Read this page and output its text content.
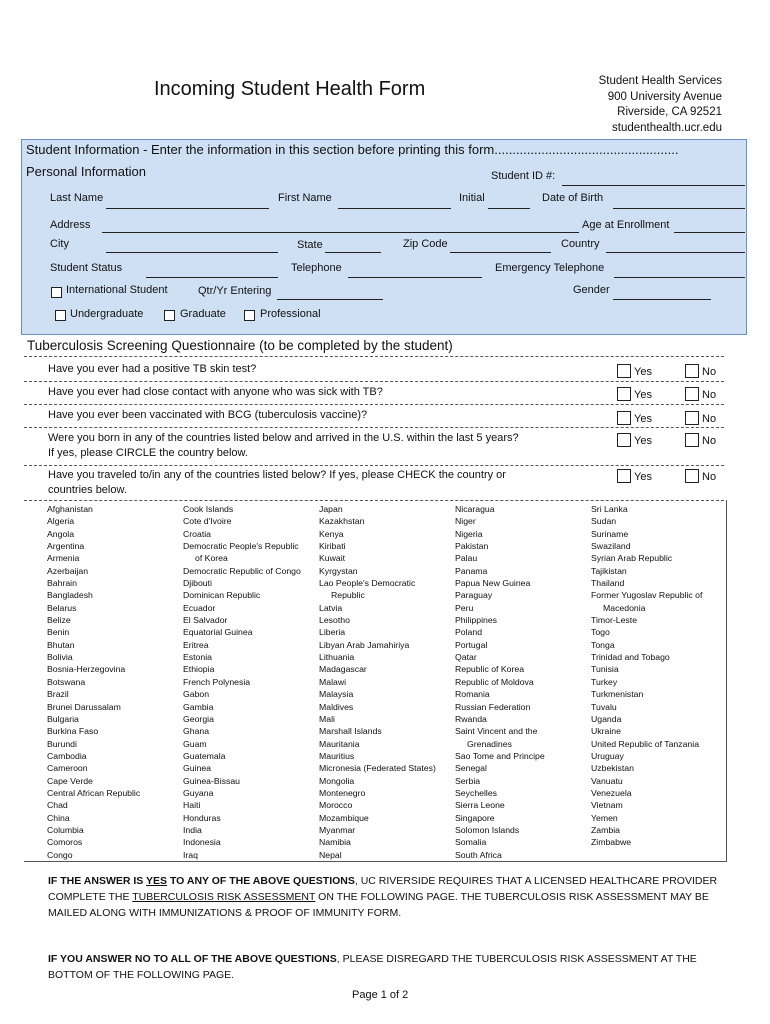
Incoming Student Health Form	Student Health Services
900 University Avenue
Riverside, CA 92521
studenthealth.ucr.edu
Student Information - Enter the information in this section before printing this form...................................................
Personal Information	Student ID #:
Last Name	First Name	Initial	Date of Birth
Address	Age at Enrollment
City	State	Zip Code	Country
Student Status	Telephone	Emergency Telephone
International Student	Qtr/Yr Entering	Gender
Undergraduate	Graduate	Professional
Tuberculosis Screening Questionnaire (to be completed by the student)
Have you ever had a positive TB skin test?	Yes	No
Have you ever had close contact with anyone who was sick with TB?	Yes	No
Have you ever been vaccinated with BCG (tuberculosis vaccine)?	Yes	No
Were you born in any of the countries listed below and arrived in the U.S. within the last 5 years?
If yes, please CIRCLE the country below.
Yes	No
Have you traveled to/in any of the countries listed below? If yes, please CHECK the country or
countries below.
Yes	No
Afghanistan
Algeria
Angola
Argentina
Armenia
Azerbaijan
Bahrain
Bangladesh
Belarus
Belize
Benin
Bhutan
Bolivia
Bosnia-Herzegovina
Botswana
Brazil
Brunei Darussalam
Bulgaria
Burkina Faso
Burundi
Cambodia
Cameroon
Cape Verde
Central African Republic
Chad
China
Columbia
Comoros
Congo
Cook Islands
Cote d'Ivoire
Croatia
Democratic People's Republic
of Korea
Democratic Republic of Congo
Djibouti
Dominican Republic
Ecuador
El Salvador
Equatorial Guinea
Eritrea
Estonia
Ethiopia
French Polynesia
Gabon
Gambia
Georgia
Ghana
Guam
Guatemala
Guinea
Guinea-Bissau
Guyana
Haiti
Honduras
India
Indonesia
Iraq
Japan
Kazakhstan
Kenya
Kiribati
Kuwait
Kyrgystan
Lao People's Democratic
Republic
Latvia
Lesotho
Liberia
Libyan Arab Jamahiriya
Lithuania
Madagascar
Malawi
Malaysia
Maldives
Mali
Marshall Islands
Mauritania
Mauritius
Micronesia (Federated States)
Mongolia
Montenegro
Morocco
Mozambique
Myanmar
Namibia
Nepal
Nicaragua
Niger
Nigeria
Pakistan
Palau
Panama
Papua New Guinea
Paraguay
Peru
Philippines
Poland
Portugal
Qatar
Republic of Korea
Republic of Moldova
Romania
Russian Federation
Rwanda
Saint Vincent and the
Grenadines
Sao Tome and Principe
Senegal
Serbia
Seychelles
Sierra Leone
Singapore
Solomon Islands
Somalia
South Africa
Sri Lanka
Sudan
Suriname
Swaziland
Syrian Arab Republic
Tajikistan
Thailand
Former Yugoslav Republic of
Macedonia
Timor-Leste
Togo
Tonga
Trinidad and Tobago
Tunisia
Turkey
Turkmenistan
Tuvalu
Uganda
Ukraine
United Republic of Tanzania
Uruguay
Uzbekistan
Vanuatu
Venezuela
Vietnam
Yemen
Zambia
Zimbabwe
IF THE ANSWER IS YES TO ANY OF THE ABOVE QUESTIONS, UC RIVERSIDE REQUIRES THAT A LICENSED HEALTHCARE PROVIDER COMPLETE THE TUBERCULOSIS RISK ASSESSMENT ON THE FOLLOWING PAGE. THE TUBERCULOSIS RISK ASSESSMENT MAY BE MAILED ALONG WITH IMMUNIZATIONS & PROOF OF IMMUNITY FORM.
IF YOU ANSWER NO TO ALL OF THE ABOVE QUESTIONS, PLEASE DISREGARD THE TUBERCULOSIS RISK ASSESSMENT AT THE BOTTOM OF THE FOLLOWING PAGE.
Page 1 of 2
